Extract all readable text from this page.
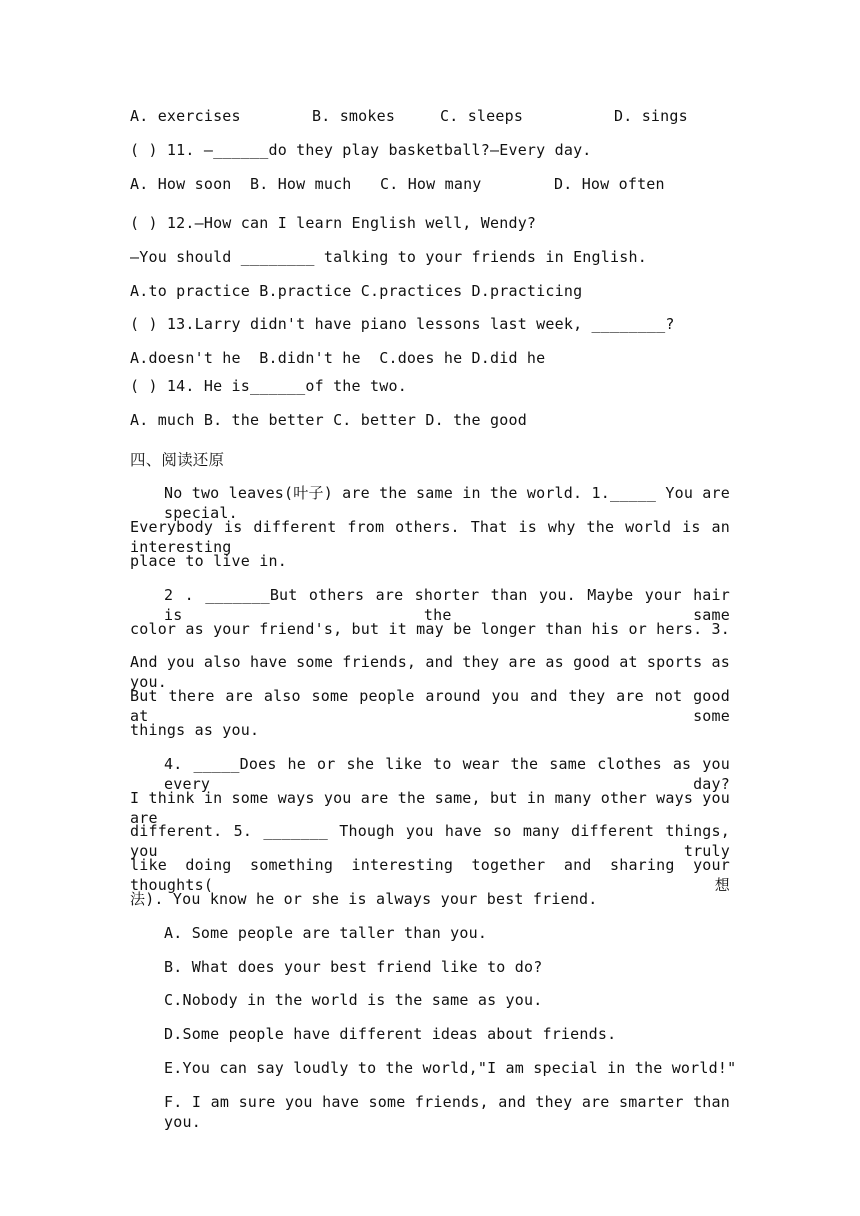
A. exercises	B. smokes	C. sleeps	D. sings
( ) 11. —______do they play basketball?—Every day.
A. How soon B. How much C. How many	D. How often
( ) 12.—How can I learn English well, Wendy?
—You should ________ talking to your friends in English.
A.to practice B.practice C.practices D.practicing
( ) 13.Larry didn't have piano lessons last week, ________?
A.doesn't he  B.didn't he  C.does he D.did he
( ) 14. He is______of the two.
A. much B. the better C. better D. the good
四、阅读还原
No two leaves(叶子) are the same in the world. 1._____ You are special.
Everybody is different from others. That is why the world is an interesting
place to live in.
2 . _______But others are shorter than you. Maybe your hair is the same
color as your friend's, but it may be longer than his or hers. 3.
And you also have some friends, and they are as good at sports as you.
But there are also some people around you and they are not good at some
things as you.
4. _____Does he or she like to wear the same clothes as you every day?
I think in some ways you are the same, but in many other ways you are
different. 5. _______ Though you have so many different things, you truly
like doing something interesting together and sharing your thoughts(想
法). You know he or she is always your best friend.
A. Some people are taller than you.
B. What does your best friend like to do?
C.Nobody in the world is the same as you.
D.Some people have different ideas about friends.
E.You can say loudly to the world,"I am special in the world!"
F. I am sure you have some friends, and they are smarter than you.
